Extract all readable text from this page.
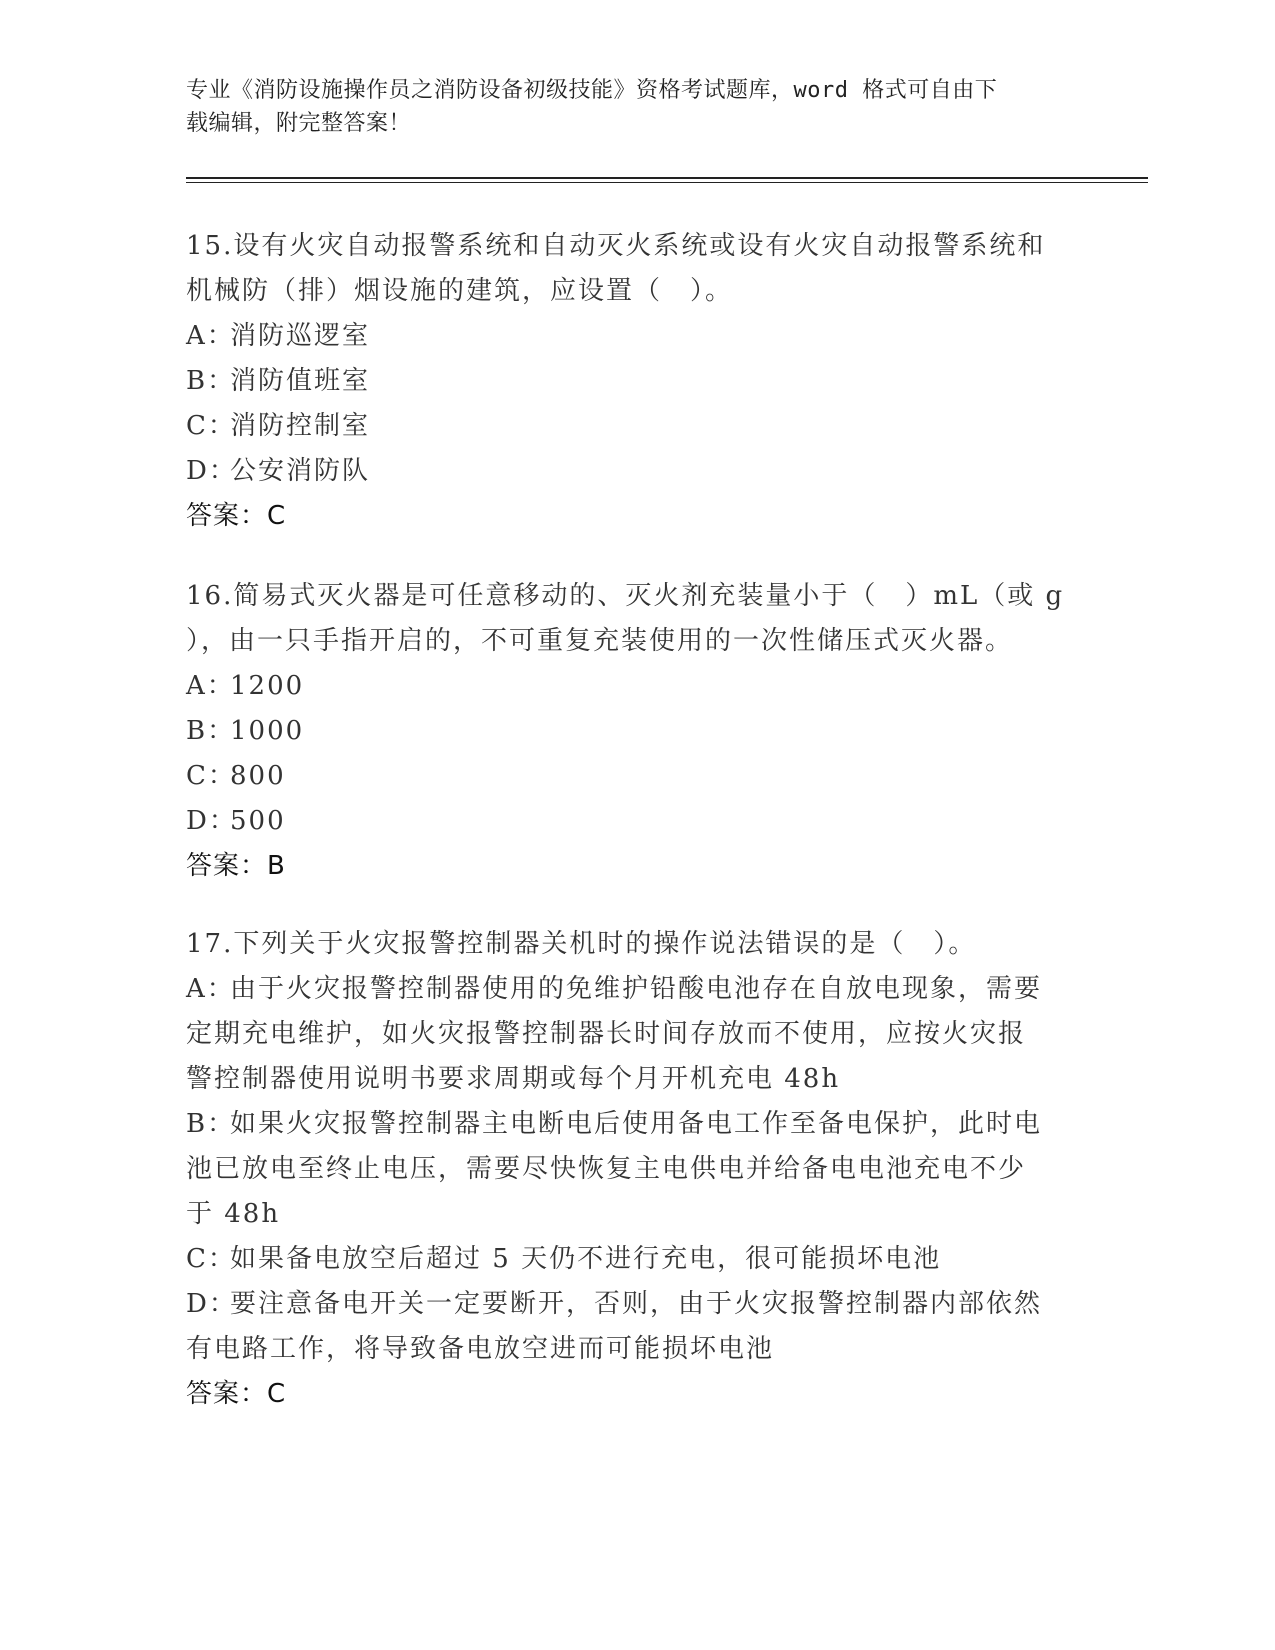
专业《消防设施操作员之消防设备初级技能》资格考试题库，word 格式可自由下
载编辑，附完整答案！
15.设有火灾自动报警系统和自动灭火系统或设有火灾自动报警系统和
机械防（排）烟设施的建筑，应设置（　）。
A：消防巡逻室
B：消防值班室
C：消防控制室
D：公安消防队
答案：C
16.简易式灭火器是可任意移动的、灭火剂充装量小于（　）mL（或 g
），由一只手指开启的，不可重复充装使用的一次性储压式灭火器。
A：1200
B：1000
C：800
D：500
答案：B
17.下列关于火灾报警控制器关机时的操作说法错误的是（　）。
A：由于火灾报警控制器使用的免维护铅酸电池存在自放电现象，需要
定期充电维护，如火灾报警控制器长时间存放而不使用，应按火灾报
警控制器使用说明书要求周期或每个月开机充电 48h
B：如果火灾报警控制器主电断电后使用备电工作至备电保护，此时电
池已放电至终止电压，需要尽快恢复主电供电并给备电电池充电不少
于 48h
C：如果备电放空后超过 5 天仍不进行充电，很可能损坏电池
D：要注意备电开关一定要断开，否则，由于火灾报警控制器内部依然
有电路工作，将导致备电放空进而可能损坏电池
答案：C
